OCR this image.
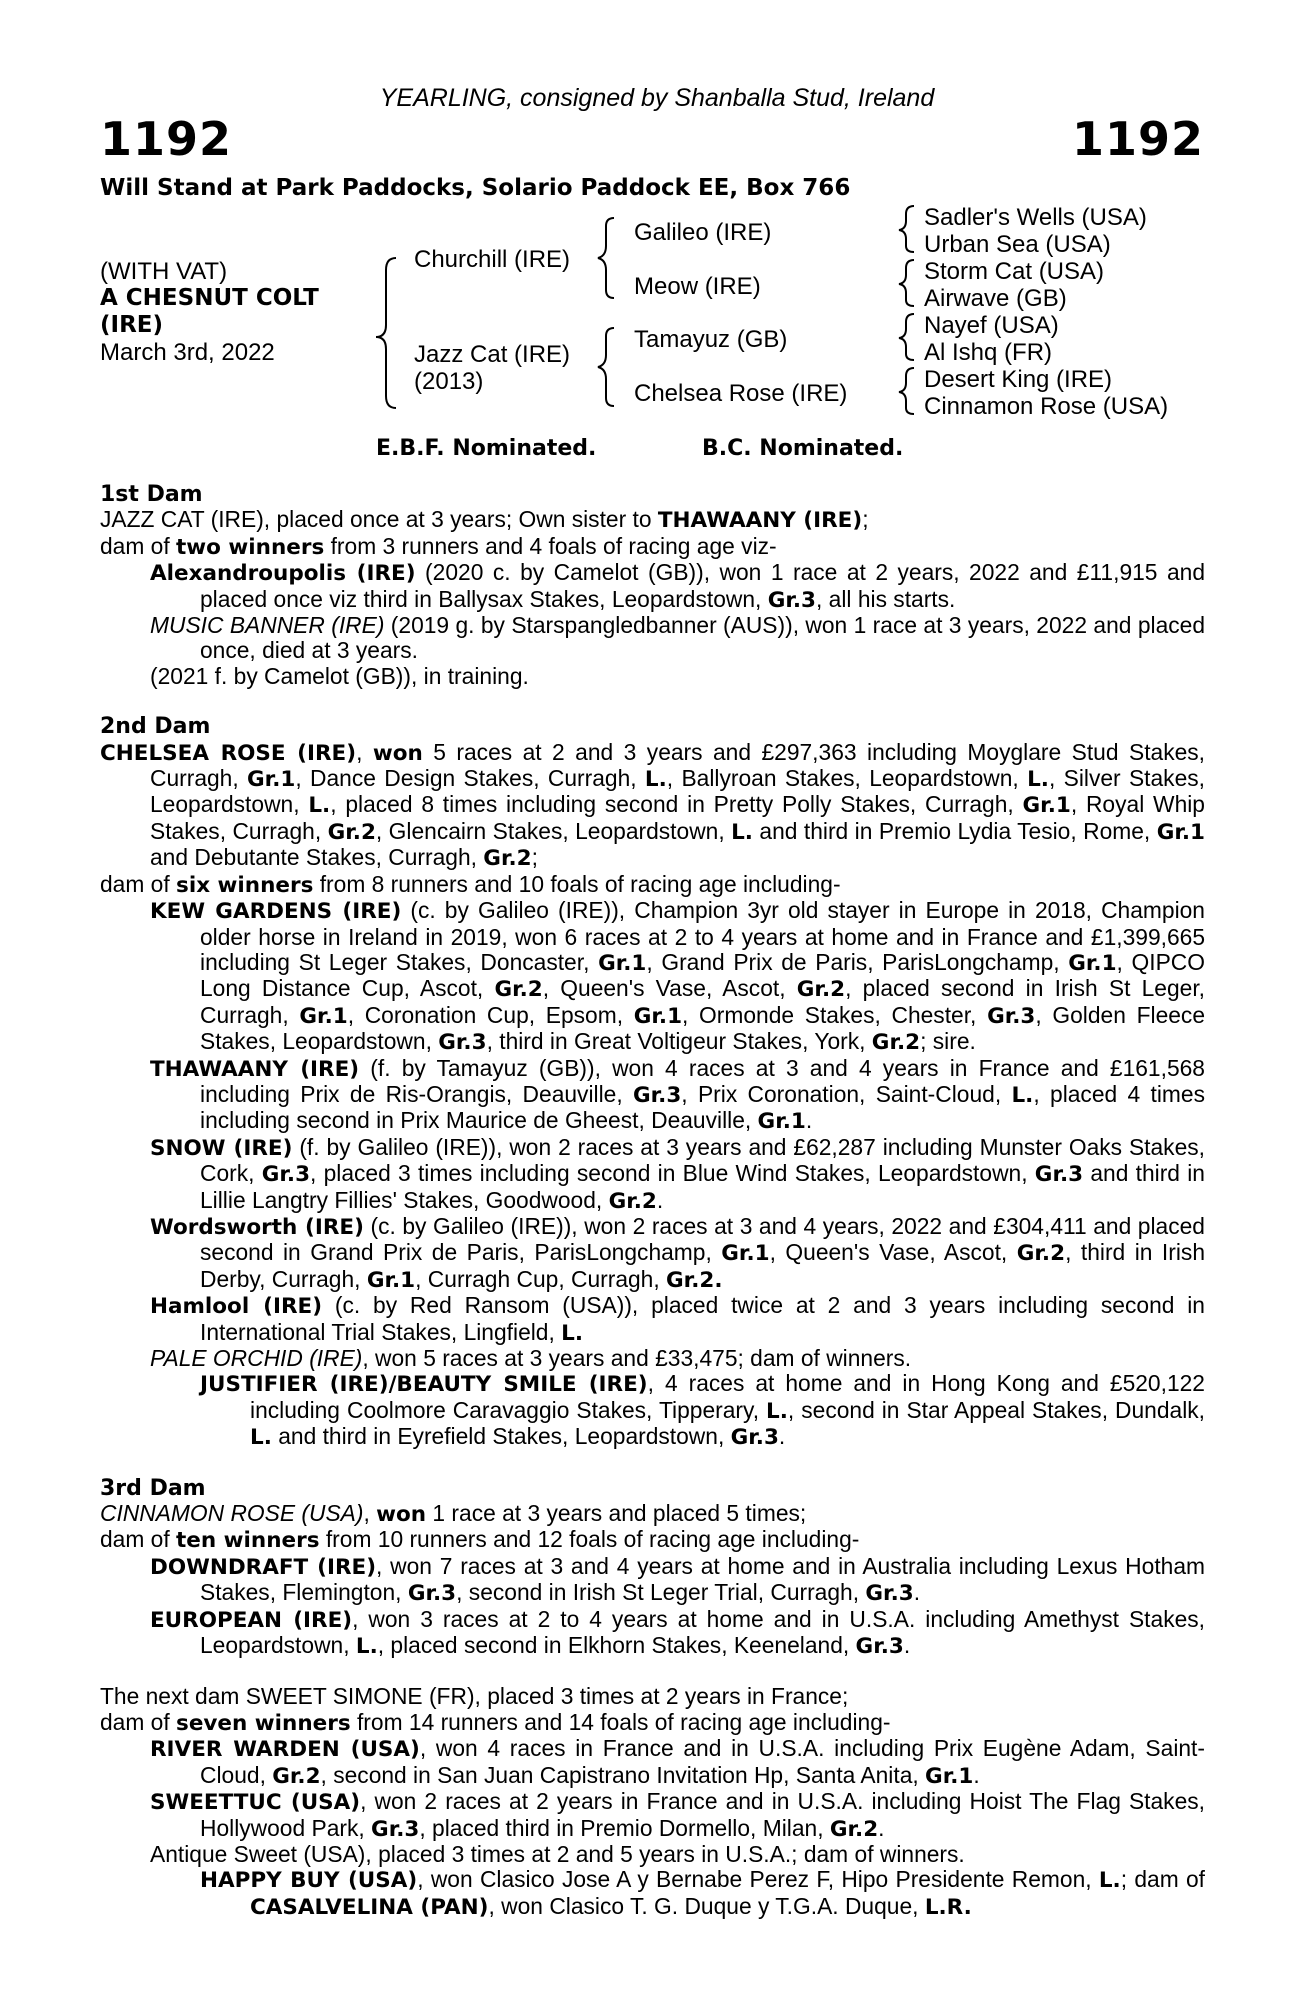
YEARLING, consigned by Shanballa Stud, Ireland
1192	1192
Will Stand at Park Paddocks, Solario Paddock EE, Box 766
(WITH VAT)
A CHESNUT COLT
(IRE)
March 3rd, 2022
Churchill (IRE)
Jazz Cat (IRE)
(2013)
Galileo (IRE)
Meow (IRE)
Tamayuz (GB)
Chelsea Rose (IRE)
Sadler's Wells (USA)
Urban Sea (USA)
Storm Cat (USA)
Airwave (GB)
Nayef (USA)
Al Ishq (FR)
Desert King (IRE)
Cinnamon Rose (USA)
E.B.F. Nominated.	B.C. Nominated.

1st Dam

JAZZ CAT (IRE), placed once at 3 years; Own sister to THAWAANY (IRE);

dam of two winners from 3 runners and 4 foals of racing age viz-

Alexandroupolis (IRE) (2020 c. by Camelot (GB)), won 1 race at 2 years, 2022 and £11,915 and placed once viz third in Ballysax Stakes, Leopardstown, Gr.3, all his starts.

MUSIC BANNER (IRE) (2019 g. by Starspangledbanner (AUS)), won 1 race at 3 years, 2022 and placed once, died at 3 years.

(2021 f. by Camelot (GB)), in training.

2nd Dam

CHELSEA ROSE (IRE), won 5 races at 2 and 3 years and £297,363 including Moyglare Stud Stakes, Curragh, Gr.1, Dance Design Stakes, Curragh, L., Ballyroan Stakes, Leopardstown, L., Silver Stakes, Leopardstown, L., placed 8 times including second in Pretty Polly Stakes, Curragh, Gr.1, Royal Whip Stakes, Curragh, Gr.2, Glencairn Stakes, Leopardstown, L. and third in Premio Lydia Tesio, Rome, Gr.1 and Debutante Stakes, Curragh, Gr.2;

dam of six winners from 8 runners and 10 foals of racing age including-

KEW GARDENS (IRE) (c. by Galileo (IRE)), Champion 3yr old stayer in Europe in 2018, Champion older horse in Ireland in 2019, won 6 races at 2 to 4 years at home and in France and £1,399,665 including St Leger Stakes, Doncaster, Gr.1, Grand Prix de Paris, ParisLongchamp, Gr.1, QIPCO Long Distance Cup, Ascot, Gr.2, Queen's Vase, Ascot, Gr.2, placed second in Irish St Leger, Curragh, Gr.1, Coronation Cup, Epsom, Gr.1, Ormonde Stakes, Chester, Gr.3, Golden Fleece Stakes, Leopardstown, Gr.3, third in Great Voltigeur Stakes, York, Gr.2; sire.

THAWAANY (IRE) (f. by Tamayuz (GB)), won 4 races at 3 and 4 years in France and £161,568 including Prix de Ris-Orangis, Deauville, Gr.3, Prix Coronation, Saint-Cloud, L., placed 4 times including second in Prix Maurice de Gheest, Deauville, Gr.1.

SNOW (IRE) (f. by Galileo (IRE)), won 2 races at 3 years and £62,287 including Munster Oaks Stakes, Cork, Gr.3, placed 3 times including second in Blue Wind Stakes, Leopardstown, Gr.3 and third in Lillie Langtry Fillies' Stakes, Goodwood, Gr.2.

Wordsworth (IRE) (c. by Galileo (IRE)), won 2 races at 3 and 4 years, 2022 and £304,411 and placed second in Grand Prix de Paris, ParisLongchamp, Gr.1, Queen's Vase, Ascot, Gr.2, third in Irish Derby, Curragh, Gr.1, Curragh Cup, Curragh, Gr.2.

Hamlool (IRE) (c. by Red Ransom (USA)), placed twice at 2 and 3 years including second in International Trial Stakes, Lingfield, L.

PALE ORCHID (IRE), won 5 races at 3 years and £33,475; dam of winners.

JUSTIFIER (IRE)/BEAUTY SMILE (IRE), 4 races at home and in Hong Kong and £520,122 including Coolmore Caravaggio Stakes, Tipperary, L., second in Star Appeal Stakes, Dundalk, L. and third in Eyrefield Stakes, Leopardstown, Gr.3.

3rd Dam

CINNAMON ROSE (USA), won 1 race at 3 years and placed 5 times;

dam of ten winners from 10 runners and 12 foals of racing age including-

DOWNDRAFT (IRE), won 7 races at 3 and 4 years at home and in Australia including Lexus Hotham Stakes, Flemington, Gr.3, second in Irish St Leger Trial, Curragh, Gr.3.

EUROPEAN (IRE), won 3 races at 2 to 4 years at home and in U.S.A. including Amethyst Stakes, Leopardstown, L., placed second in Elkhorn Stakes, Keeneland, Gr.3.

The next dam SWEET SIMONE (FR), placed 3 times at 2 years in France;

dam of seven winners from 14 runners and 14 foals of racing age including-

RIVER WARDEN (USA), won 4 races in France and in U.S.A. including Prix Eugène Adam, Saint-Cloud, Gr.2, second in San Juan Capistrano Invitation Hp, Santa Anita, Gr.1.

SWEETTUC (USA), won 2 races at 2 years in France and in U.S.A. including Hoist The Flag Stakes, Hollywood Park, Gr.3, placed third in Premio Dormello, Milan, Gr.2.

Antique Sweet (USA), placed 3 times at 2 and 5 years in U.S.A.; dam of winners.

HAPPY BUY (USA), won Clasico Jose A y Bernabe Perez F, Hipo Presidente Remon, L.; dam of CASALVELINA (PAN), won Clasico T. G. Duque y T.G.A. Duque, L.R.
